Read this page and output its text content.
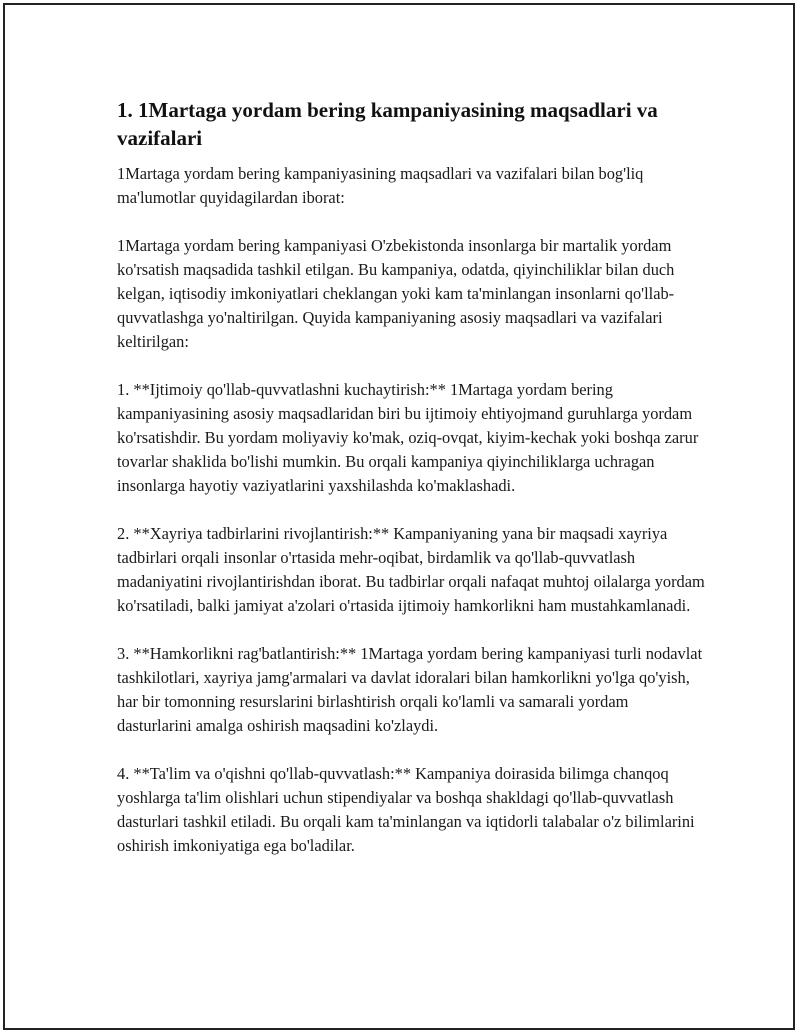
1. 1Martaga yordam bering kampaniyasining maqsadlari va vazifalari

1Martaga yordam bering kampaniyasining maqsadlari va vazifalari bilan bog'liq ma'lumotlar quyidagilardan iborat:

1Martaga yordam bering kampaniyasi O'zbekistonda insonlarga bir martalik yordam ko'rsatish maqsadida tashkil etilgan. Bu kampaniya, odatda, qiyinchiliklar bilan duch kelgan, iqtisodiy imkoniyatlari cheklangan yoki kam ta'minlangan insonlarni qo'llab-quvvatlashga yo'naltirilgan. Quyida kampaniyaning asosiy maqsadlari va vazifalari keltirilgan:

1. **Ijtimoiy qo'llab-quvvatlashni kuchaytirish:** 1Martaga yordam bering kampaniyasining asosiy maqsadlaridan biri bu ijtimoiy ehtiyojmand guruhlarga yordam ko'rsatishdir. Bu yordam moliyaviy ko'mak, oziq-ovqat, kiyim-kechak yoki boshqa zarur tovarlar shaklida bo'lishi mumkin. Bu orqali kampaniya qiyinchiliklarga uchragan insonlarga hayotiy vaziyatlarini yaxshilashda ko'maklashadi.

2. **Xayriya tadbirlarini rivojlantirish:** Kampaniyaning yana bir maqsadi xayriya tadbirlari orqali insonlar o'rtasida mehr-oqibat, birdamlik va qo'llab-quvvatlash madaniyatini rivojlantirishdan iborat. Bu tadbirlar orqali nafaqat muhtoj oilalarga yordam ko'rsatiladi, balki jamiyat a'zolari o'rtasida ijtimoiy hamkorlikni ham mustahkamlanadi.

3. **Hamkorlikni rag'batlantirish:** 1Martaga yordam bering kampaniyasi turli nodavlat tashkilotlari, xayriya jamg'armalari va davlat idoralari bilan hamkorlikni yo'lga qo'yish, har bir tomonning resurslarini birlashtirish orqali ko'lamli va samarali yordam dasturlarini amalga oshirish maqsadini ko'zlaydi.

4. **Ta'lim va o'qishni qo'llab-quvvatlash:** Kampaniya doirasida bilimga chanqoq yoshlarga ta'lim olishlari uchun stipendiyalar va boshqa shakldagi qo'llab-quvvatlash dasturlari tashkil etiladi. Bu orqali kam ta'minlangan va iqtidorli talabalar o'z bilimlarini oshirish imkoniyatiga ega bo'ladilar.
